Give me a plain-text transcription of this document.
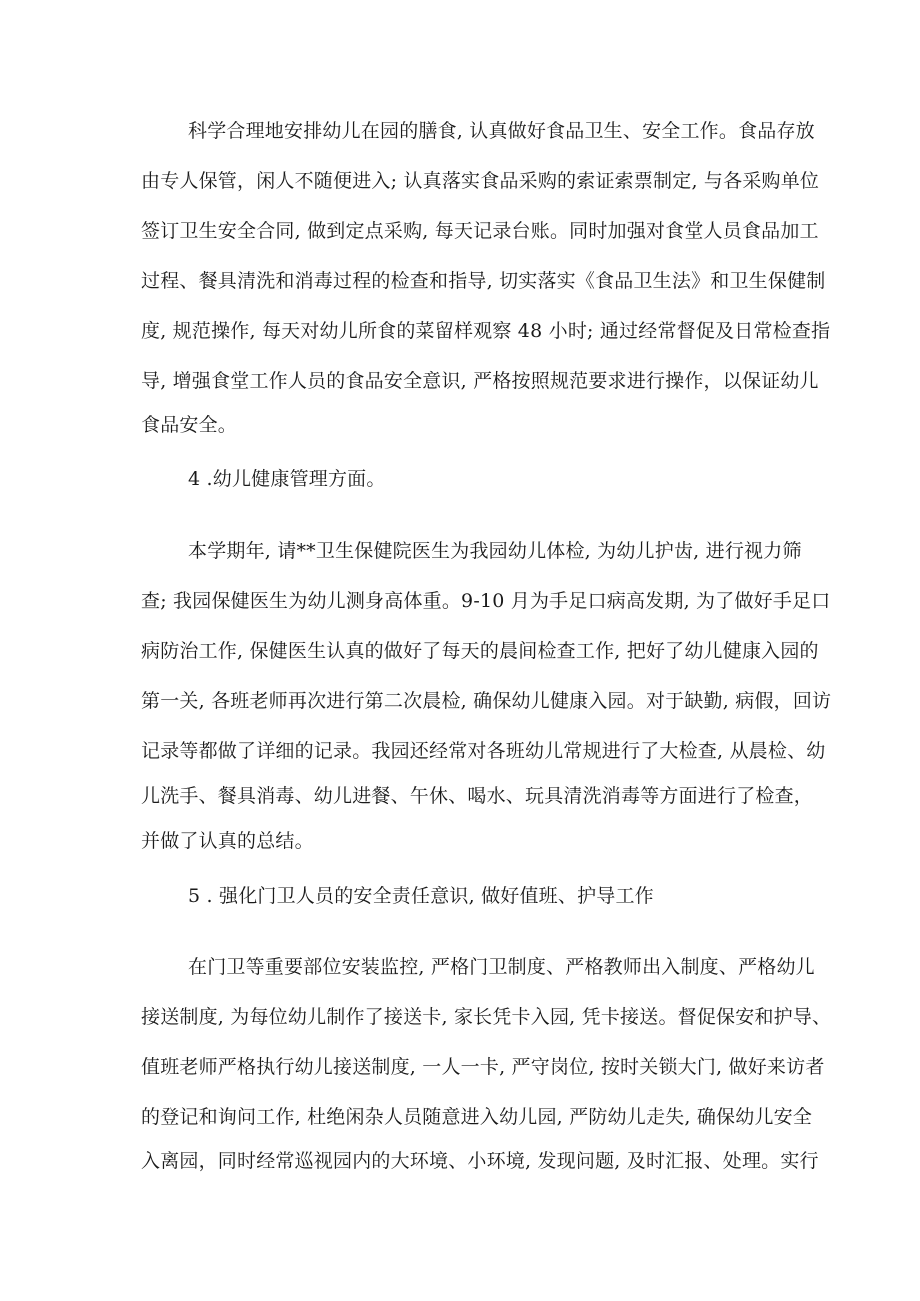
科学合理地安排幼儿在园的膳食, 认真做好食品卫生、安全工作。食品存放
由专人保管，闲人不随便进入; 认真落实食品采购的索证索票制定, 与各采购单位
签订卫生安全合同, 做到定点采购, 每天记录台账。同时加强对食堂人员食品加工
过程、餐具清洗和消毒过程的检查和指导, 切实落实《食品卫生法》和卫生保健制
度, 规范操作, 每天对幼儿所食的菜留样观察 48 小时; 通过经常督促及日常检查指
导, 增强食堂工作人员的食品安全意识, 严格按照规范要求进行操作，以保证幼儿
食品安全。
4 .幼儿健康管理方面。
本学期年, 请**卫生保健院医生为我园幼儿体检, 为幼儿护齿, 进行视力筛
查; 我园保健医生为幼儿测身高体重。9-10 月为手足口病高发期, 为了做好手足口
病防治工作, 保健医生认真的做好了每天的晨间检查工作, 把好了幼儿健康入园的
第一关, 各班老师再次进行第二次晨检, 确保幼儿健康入园。对于缺勤, 病假，回访
记录等都做了详细的记录。我园还经常对各班幼儿常规进行了大检查, 从晨检、幼
儿洗手、餐具消毒、幼儿进餐、午休、喝水、玩具清洗消毒等方面进行了检查，
并做了认真的总结。
5 . 强化门卫人员的安全责任意识, 做好值班、护导工作
在门卫等重要部位安装监控, 严格门卫制度、严格教师出入制度、严格幼儿
接送制度, 为每位幼儿制作了接送卡, 家长凭卡入园, 凭卡接送。督促保安和护导、
值班老师严格执行幼儿接送制度, 一人一卡, 严守岗位, 按时关锁大门, 做好来访者
的登记和询问工作, 杜绝闲杂人员随意进入幼儿园, 严防幼儿走失, 确保幼儿安全
入离园，同时经常巡视园内的大环境、小环境, 发现问题, 及时汇报、处理。实行
